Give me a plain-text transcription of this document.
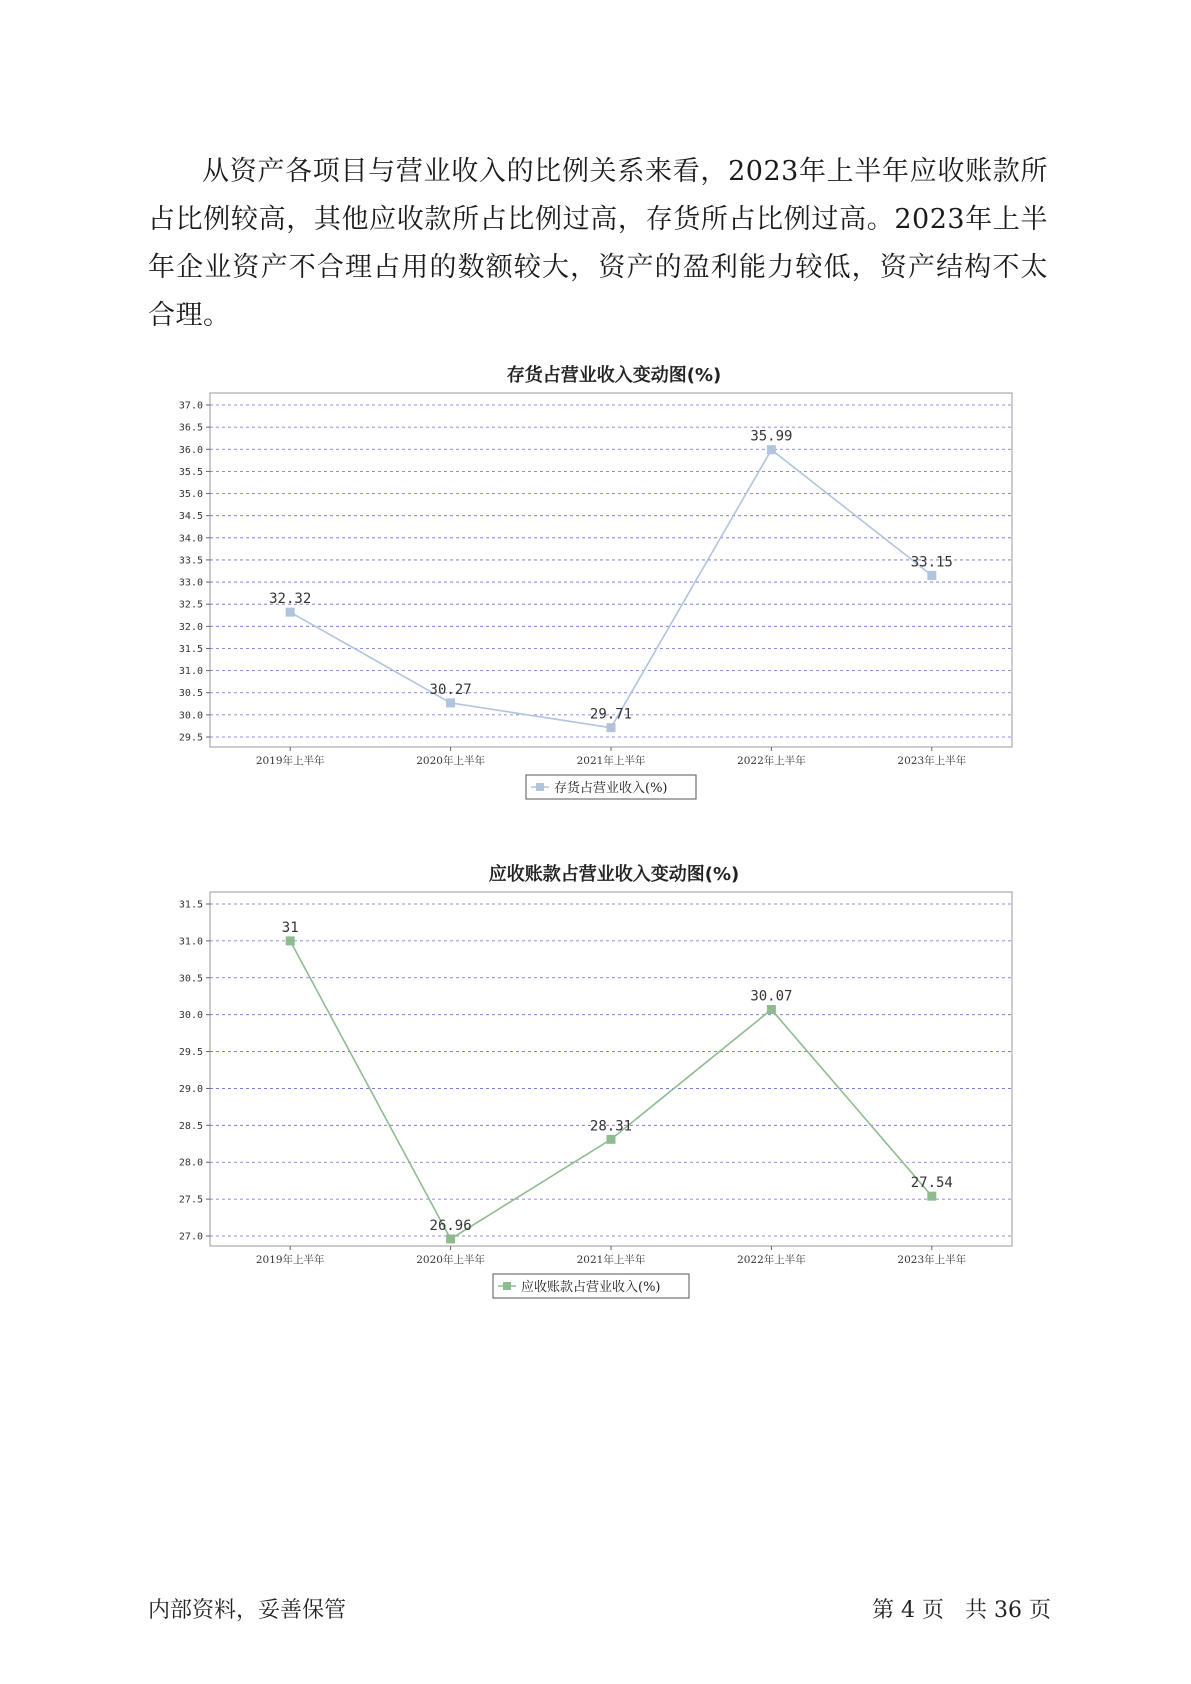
从资产各项目与营业收入的比例关系来看，2023年上半年应收账款所占比例较高，其他应收款所占比例过高，存货所占比例过高。2023年上半年企业资产不合理占用的数额较大，资产的盈利能力较低，资产结构不太合理。
存货占营业收入变动图(%)
29.5
30.0
30.5
31.0
31.5
32.0
32.5
33.0
33.5
34.0
34.5
35.0
35.5
36.0
36.5
37.0
2019年上半年	2020年上半年	2021年上半年	2022年上半年	2023年上半年
32.32
30.27
29.71
35.99
33.15
存货占营业收入(%)
应收账款占营业收入变动图(%)
27.0
27.5
28.0
28.5
29.0
29.5
30.0
30.5
31.0
31.5
2019年上半年	2020年上半年	2021年上半年	2022年上半年	2023年上半年
31
26.96
28.31
30.07
27.54
应收账款占营业收入(%)
内部资料，妥善保管	第 4 页   共 36 页
